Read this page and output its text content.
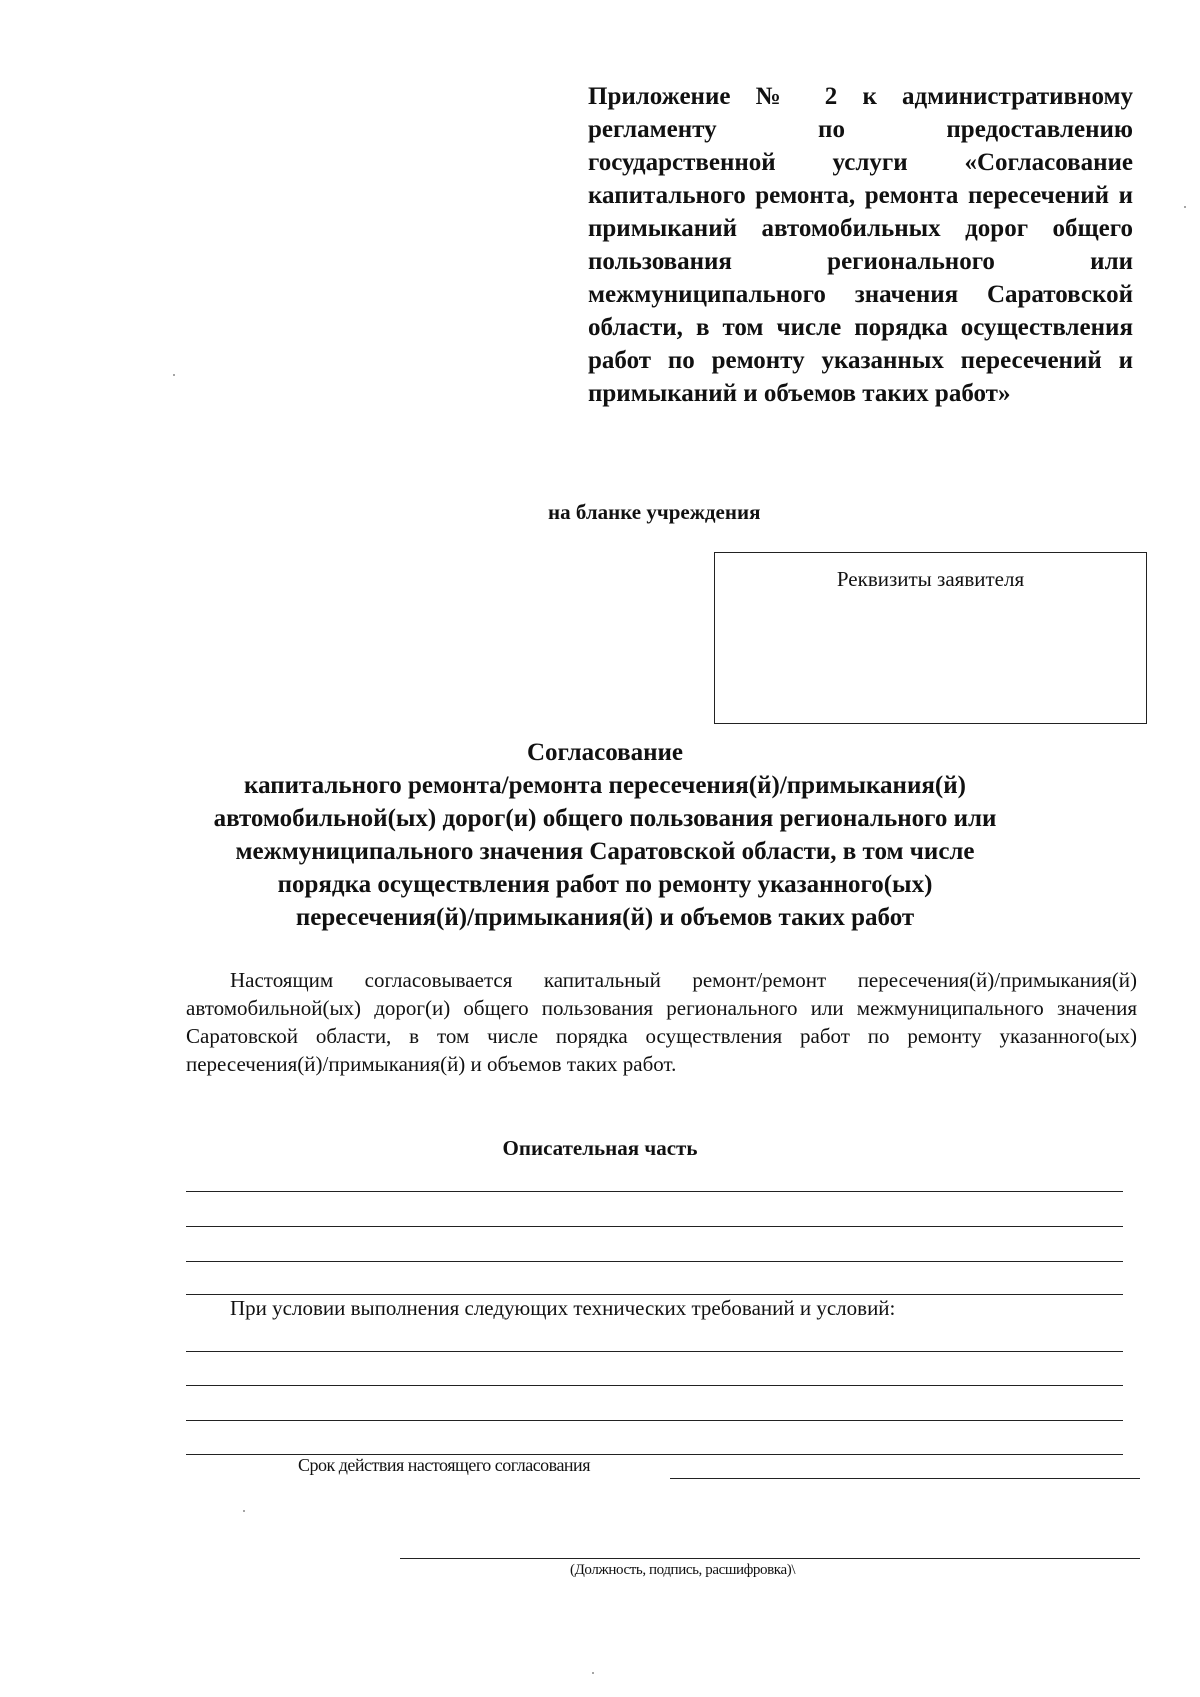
Приложение № 2 к административному регламенту по предоставлению государственной услуги «Согласование капитального ремонта, ремонта пересечений и примыканий автомобильных дорог общего пользования регионального или межмуниципального значения Саратовской области, в том числе порядка осуществления работ по ремонту указанных пересечений и примыканий и объемов таких работ»
на бланке учреждения
Реквизиты заявителя
Согласование
капитального ремонта/ремонта пересечения(й)/примыкания(й)
автомобильной(ых) дорог(и) общего пользования регионального или
межмуниципального значения Саратовской области, в том числе
порядка осуществления работ по ремонту указанного(ых)
пересечения(й)/примыкания(й) и объемов таких работ
Настоящим согласовывается капитальный ремонт/ремонт пересечения(й)/примыкания(й) автомобильной(ых) дорог(и) общего пользования регионального или межмуниципального значения Саратовской области, в том числе порядка осуществления работ по ремонту указанного(ых) пересечения(й)/примыкания(й) и объемов таких работ.
Описательная часть
При условии выполнения следующих технических требований и условий:
Срок действия настоящего согласования
(Должность, подпись, расшифровка)\
